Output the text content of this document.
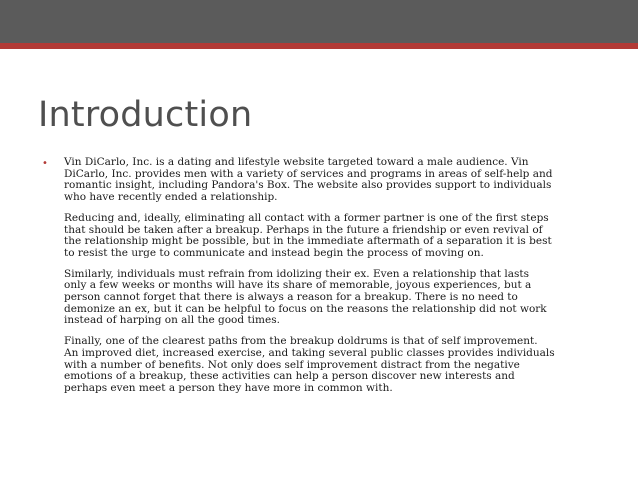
Introduction
• Vin DiCarlo, Inc. is a dating and lifestyle website targeted toward a male audience. Vin
DiCarlo, Inc. provides men with a variety of services and programs in areas of self-help and
romantic insight, including Pandora's Box. The website also provides support to individuals
who have recently ended a relationship.

Reducing and, ideally, eliminating all contact with a former partner is one of the first steps
that should be taken after a breakup. Perhaps in the future a friendship or even revival of
the relationship might be possible, but in the immediate aftermath of a separation it is best
to resist the urge to communicate and instead begin the process of moving on.

Similarly, individuals must refrain from idolizing their ex. Even a relationship that lasts
only a few weeks or months will have its share of memorable, joyous experiences, but a
person cannot forget that there is always a reason for a breakup. There is no need to
demonize an ex, but it can be helpful to focus on the reasons the relationship did not work
instead of harping on all the good times.

Finally, one of the clearest paths from the breakup doldrums is that of self improvement.
An improved diet, increased exercise, and taking several public classes provides individuals
with a number of benefits. Not only does self improvement distract from the negative
emotions of a breakup, these activities can help a person discover new interests and
perhaps even meet a person they have more in common with.
